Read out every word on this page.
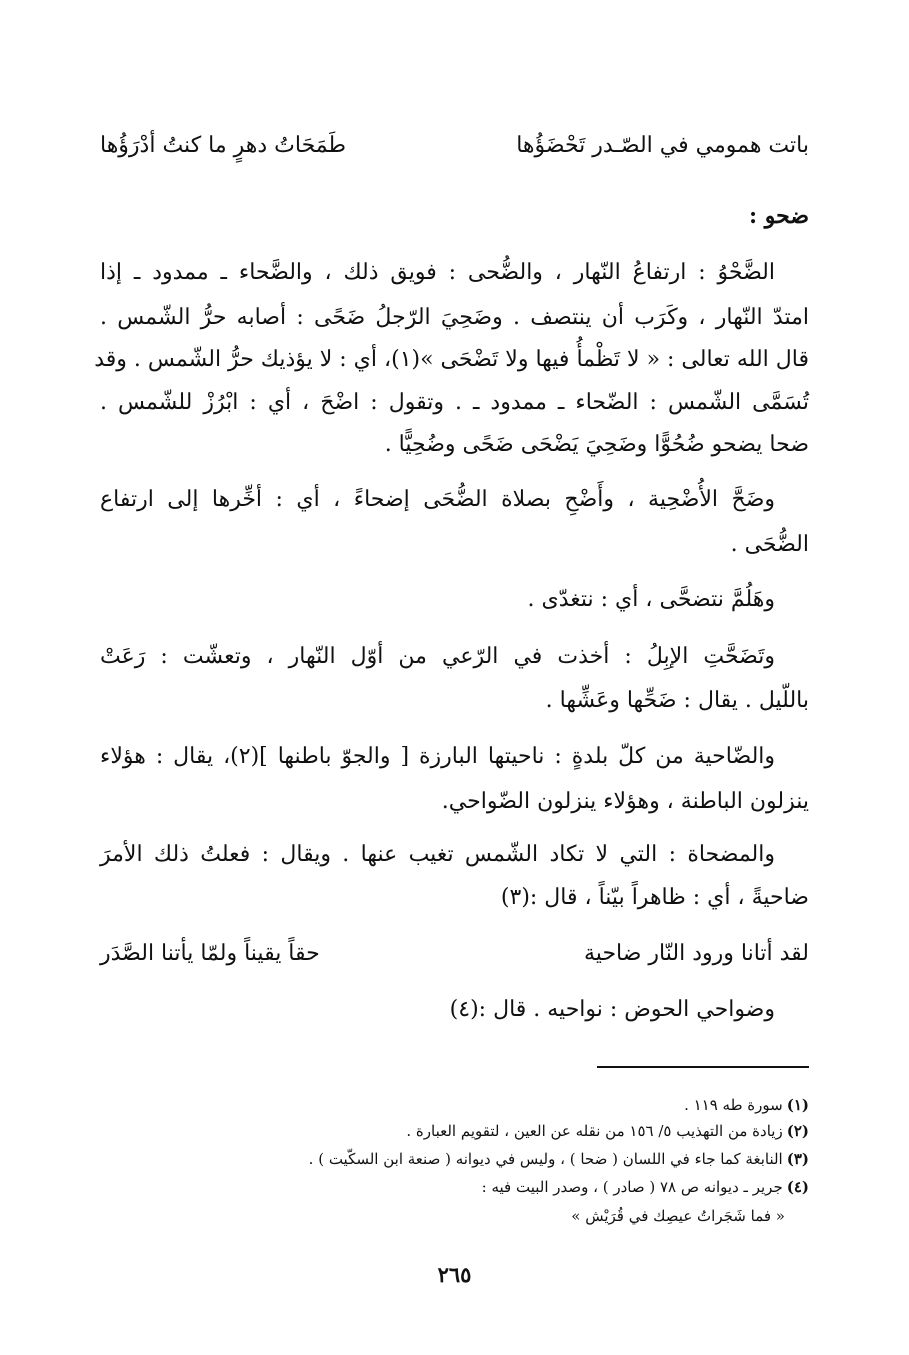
باتت همومي في الصّـدر تَحْضَؤُها
طَمَحَاتُ دهرٍ ما كنتُ أدْرَؤُها
ضحو :
الضَّحْوُ : ارتفاعُ النّهار ، والضُّحى : فويق ذلك ، والضَّحاء ـ ممدود ـ إذا
امتدّ النّهار ، وكَرَب أن ينتصف . وضَحِيَ الرّجلُ ضَحًى : أصابه حرُّ الشّمس .
قال الله تعالى : « لا تَظْمأُ فيها ولا تَضْحَى »(١)، أي : لا يؤذيك حرُّ الشّمس . وقد
تُسَمَّى الشّمس : الضّحاء ـ ممدود ـ . وتقول : اضْحَ ، أي : ابْرُزْ للشّمس .
ضحا يضحو ضُحُوًّا وضَحِيَ يَضْحَى ضَحًى وضُحِيًّا .
وضَحَّ الأُضْحِية ، وأَضْحِ بصلاة الضُّحَى إضحاءً ، أي : أخِّرها إلى ارتفاع
الضُّحَى .
وهَلُمَّ نتضحَّى ، أي : نتغدّى .
وتَضَحَّتِ الإبِلُ : أخذت في الرّعي من أوّل النّهار ، وتعشّت : رَعَتْ
باللّيل . يقال : ضَحِّها وعَشِّها .
والضّاحية من كلّ بلدةٍ : ناحيتها البارزة [ والجوّ باطنها ](٢)، يقال : هؤلاء
ينزلون الباطنة ، وهؤلاء ينزلون الضّواحي.
والمضحاة : التي لا تكاد الشّمس تغيب عنها . ويقال : فعلتُ ذلك الأمرَ
ضاحيةً ، أي : ظاهراً بيّناً ، قال :(٣)
لقد أتانا ورود النّار ضاحية
حقاً يقيناً ولمّا يأتنا الصَّدَر
وضواحي الحوض : نواحيه . قال :(٤)
(١)سورة طه ١١٩ .
(٢)زيادة من التهذيب ٥/ ١٥٦ من نقله عن العين ، لتقويم العبارة .
(٣)النابغة كما جاء في اللسان ( ضحا ) ، وليس في ديوانه ( صنعة ابن السكّيت ) .
(٤)جرير ـ ديوانه ص ٧٨ ( صادر ) ، وصدر البيت فيه :
« فما شَجَراتُ عيصِك في قُرَيْش »
٢٦٥
